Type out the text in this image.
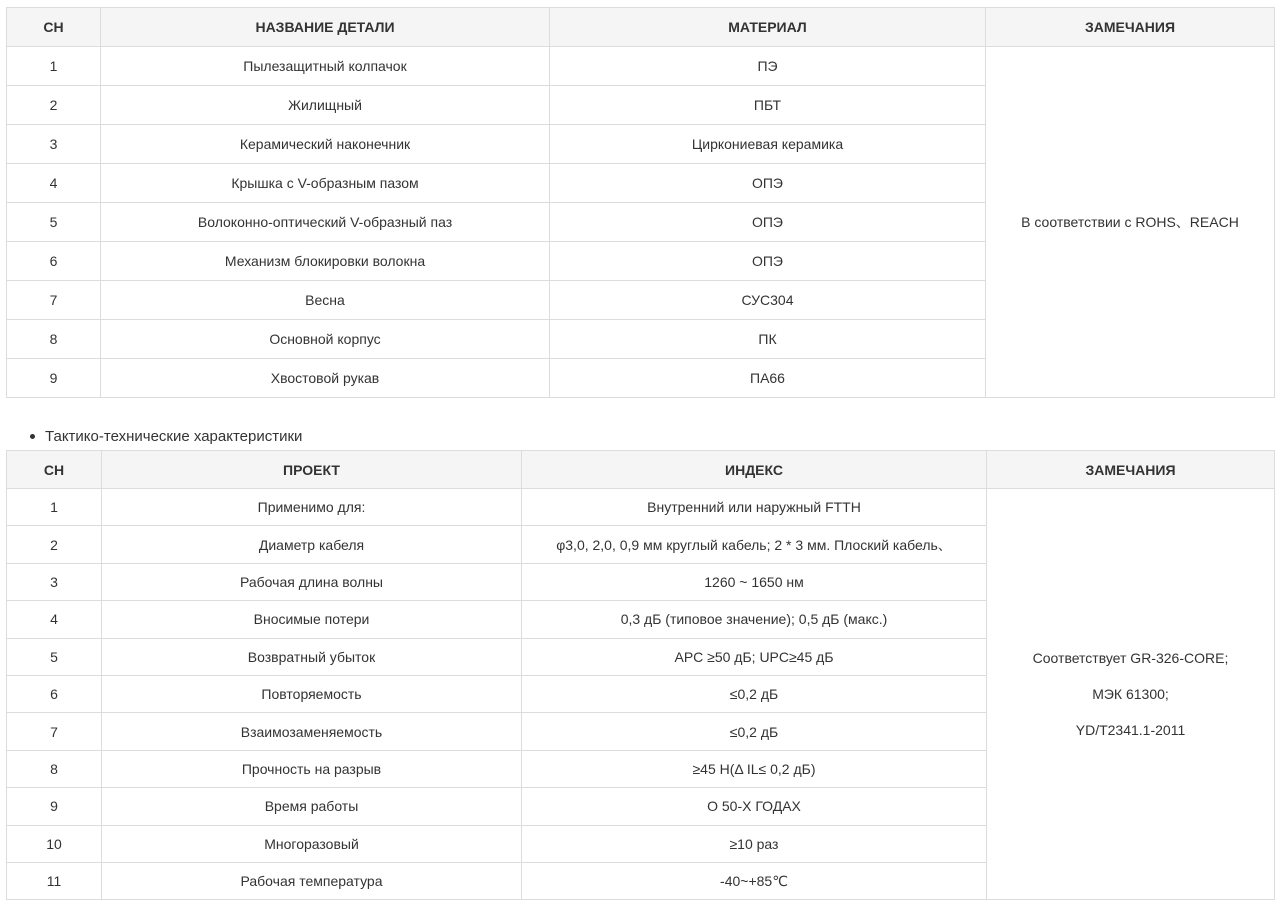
СН	НАЗВАНИЕ ДЕТАЛИ	МАТЕРИАЛ	ЗАМЕЧАНИЯ
1	Пылезащитный колпачок	ПЭ	В соответствии с ROHS、REACH
2	Жилищный	ПБТ	
3	Керамический наконечник	Циркониевая керамика	
4	Крышка с V-образным пазом	ОПЭ	
5	Волоконно-оптический V-образный паз	ОПЭ	
6	Механизм блокировки волокна	ОПЭ	
7	Весна	СУС304	
8	Основной корпус	ПК	
9	Хвостовой рукав	ПА66	
Тактико-технические характеристики
СН	ПРОЕКТ	ИНДЕКС	ЗАМЕЧАНИЯ
1	Применимо для:	Внутренний или наружный FTTH	Соответствует GR-326-CORE;
МЭК 61300;
YD/T2341.1-2011

2	Диаметр кабеля	φ3,0, 2,0, 0,9 мм круглый кабель; 2 * 3 мм. Плоский кабель、	
3	Рабочая длина волны	1260 ~ 1650 нм	
4	Вносимые потери	0,3 дБ (типовое значение); 0,5 дБ (макс.)	
5	Возвратный убыток	APC ≥50 дБ; UPC≥45 дБ	
6	Повторяемость	≤0,2 дБ	
7	Взаимозаменяемость	≤0,2 дБ	
8	Прочность на разрыв	≥45 Н(Δ IL≤ 0,2 дБ)	
9	Время работы	О 50-Х ГОДАХ	
10	Многоразовый	≥10 раз	
11	Рабочая температура	-40~+85℃	
